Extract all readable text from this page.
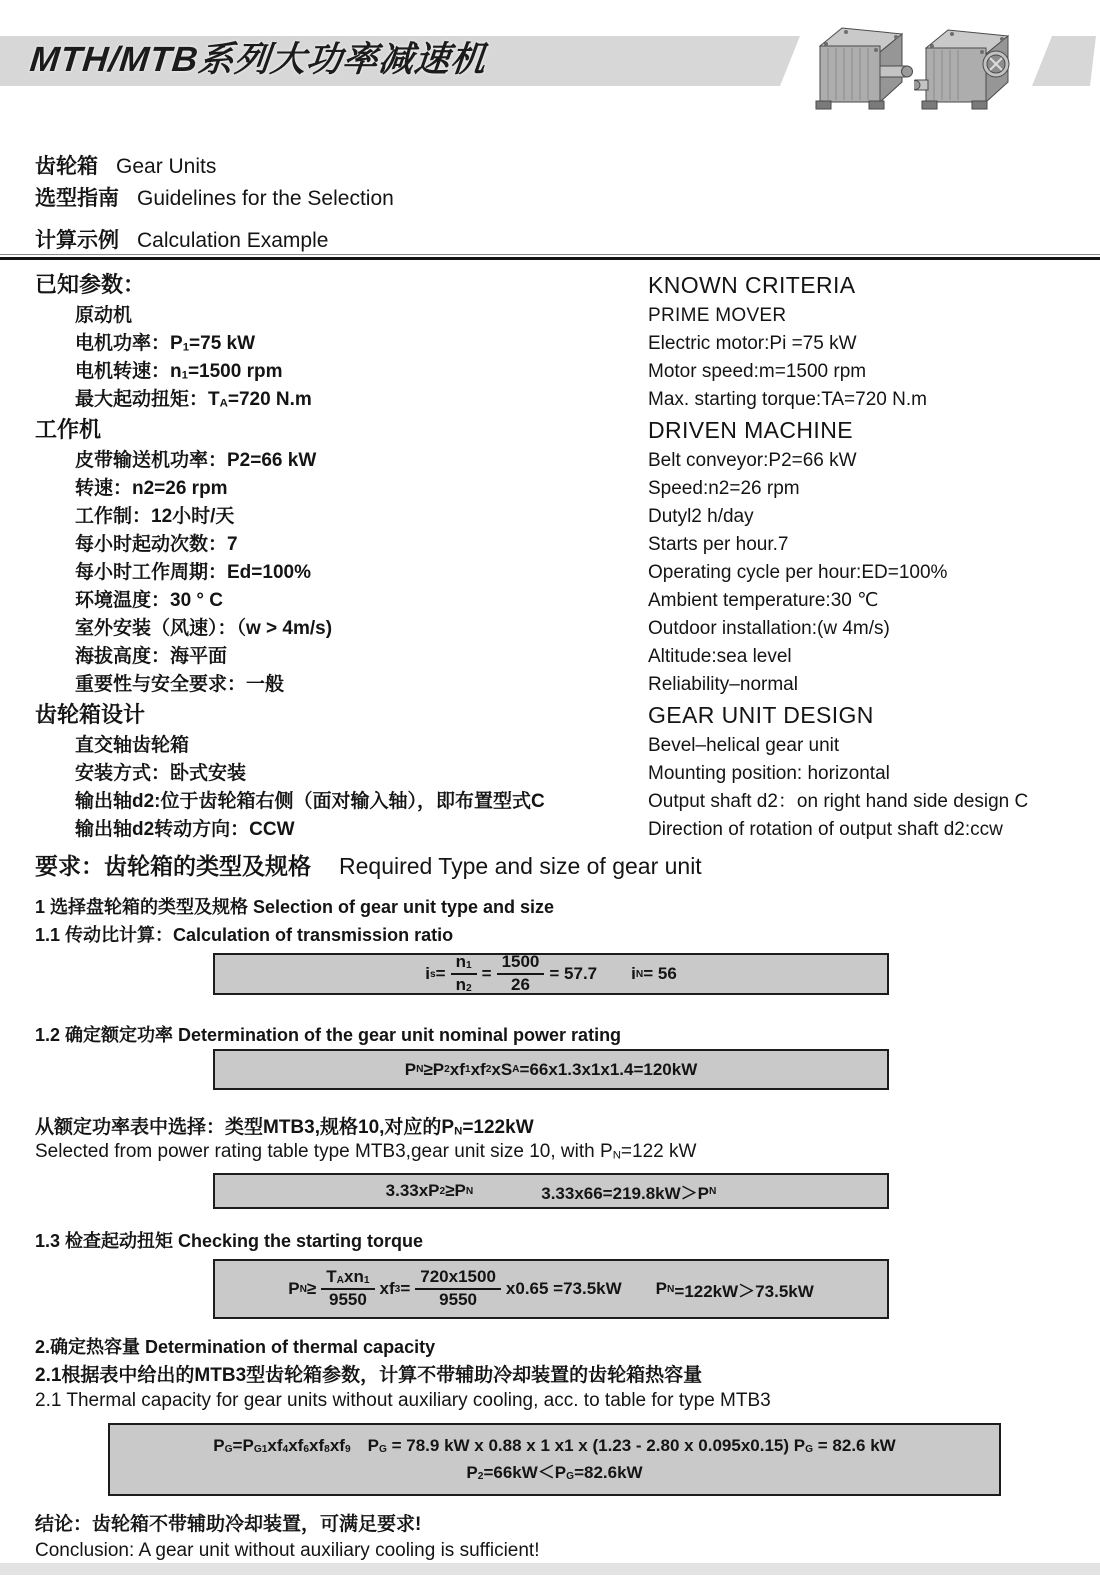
MTH/MTB系列大功率减速机
齿轮箱 Gear Units
选型指南 Guidelines for the Selection
计算示例 Calculation Example
已知参数：	KNOWN CRITERIA
原动机	PRIME MOVER
电机功率：$P_1=75$ kW	Electric motor:Pi =75 kW
电机转速：$n_1=1500$ rpm	Motor speed:m=1500 rpm
最大起动扭矩：$T_A=720$ N.m	Max. starting torque:TA=720 N.m
工作机	DRIVEN MACHINE
皮带输送机功率：P2=66 kW	Belt conveyor:P2=66 kW
转速：n2=26 rpm	Speed:n2=26 rpm
工作制：12小时/天	Dutyl2 h/day
每小时起动次数：7	Starts per hour.7
每小时工作周期：Ed=100%	Operating cycle per hour:ED=100%
环境温度：30 ° C	Ambient temperature:30 ℃
室外安装（风速）：（w > 4m/s)	Outdoor installation:(w 4m/s)
海拔高度：海平面	Altitude:sea level
重要性与安全要求：一般	Reliability–normal
齿轮箱设计	GEAR UNIT DESIGN
直交轴齿轮箱	Bevel–helical gear unit
安装方式：卧式安装	Mounting position: horizontal
输出轴d2:位于齿轮箱右侧（面对输入轴），即布置型式C	Output shaft d2：on right hand side design C
输出轴d2转动方向：CCW	Direction of rotation of output shaft d2:ccw
要求：齿轮箱的类型及规格 Required Type and size of gear unit
1 选择盘轮箱的类型及规格 Selection of gear unit type and size
1.1 传动比计算：Calculation of transmission ratio
i $s = \frac{n_1}{n_2} = \frac{1500}{26} = 57.7$  i N = 56
1.2 确定额定功率 Determination of the gear unit nominal power rating
P N ≥P 2 xf 1 xf 2 xS A =66x1.3x1x1.4=120kW
从额定功率表中选择：类型MTB3,规格10,对应的$P_N=122kW$
Selected from power rating table type MTB3,gear unit size 10, with $P_N=122$ kW
3.33xP 2 ≥P N     3.33x66=219.8kW＞P N
1.3 检查起动扭矩 Checking the starting torque
P $N \ge \frac{T_Axn_1}{9550}$ xf $3 = \frac{720x1500}{9550} x0.65 =73.5kW$  P N =122kW＞73.5kW
2.确定热容量 Determination of thermal capacity
2.1根据表中给出的MTB3型齿轮箱参数，计算不带辅助冷却装置的齿轮箱热容量
2.1 Thermal capacity for gear units without auxiliary cooling, acc. to table for type MTB3
$P_G=P_{G1}xf_4xf_6xf_8xf_9$ $P_G = 78.9$ kW x 0.88 x 1 x1 x (1.23 - 2.80 x 0.095x0.15) $P_G = 82.6$ kW
$P_2=66kW<P_G=82.6kW$
结论：齿轮箱不带辅助冷却装置，可满足要求!
Conclusion: A gear unit without auxiliary cooling is sufficient!
